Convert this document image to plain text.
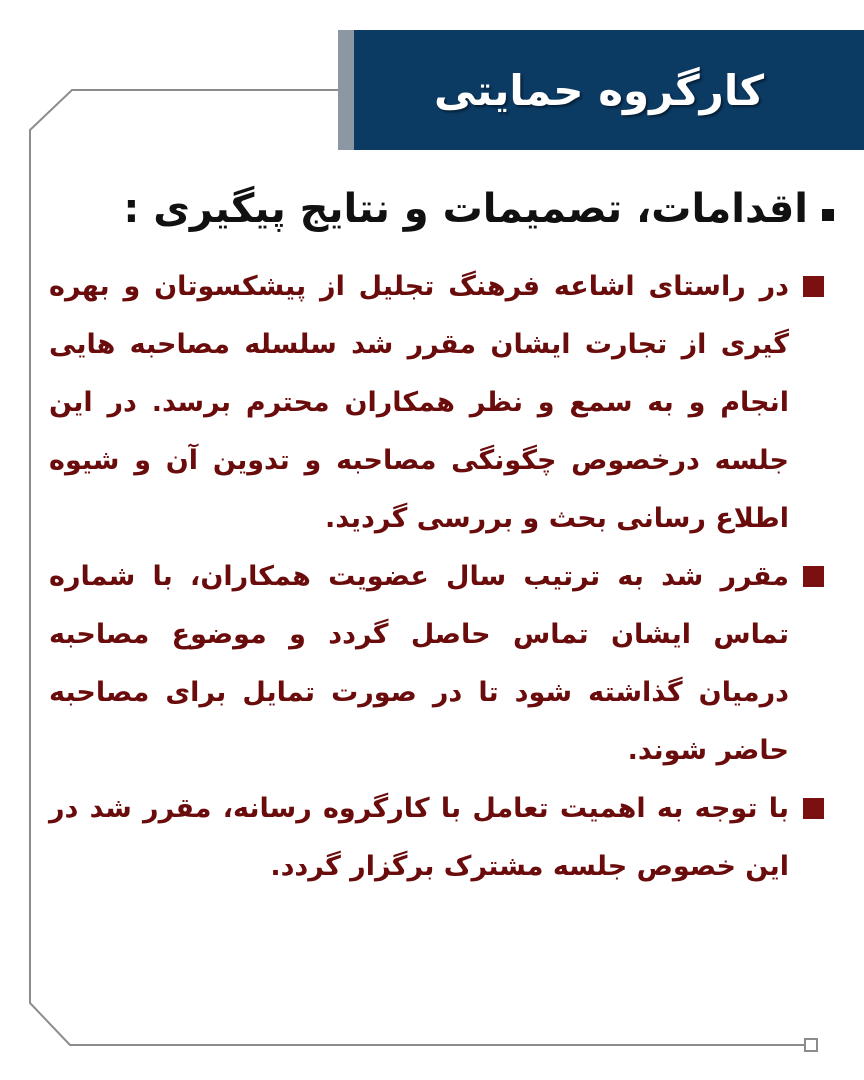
کارگروه حمایتی
اقدامات، تصمیمات و نتایج پیگیری :
در راستای اشاعه فرهنگ تجلیل از پیشکسوتان و بهره گیری از تجارت ایشان مقرر شد سلسله مصاحبه هایی انجام و به سمع و نظر همکاران محترم برسد. در این جلسه درخصوص چگونگی مصاحبه و تدوین آن و شیوه اطلاع رسانی بحث و بررسی گردید.
مقرر شد به ترتیب سال عضویت همکاران، با شماره تماس ایشان تماس حاصل گردد و موضوع مصاحبه درمیان گذاشته شود تا در صورت تمایل برای مصاحبه حاضر شوند.
با توجه به اهمیت تعامل با کارگروه رسانه، مقرر شد در این خصوص جلسه مشترک برگزار گردد.
